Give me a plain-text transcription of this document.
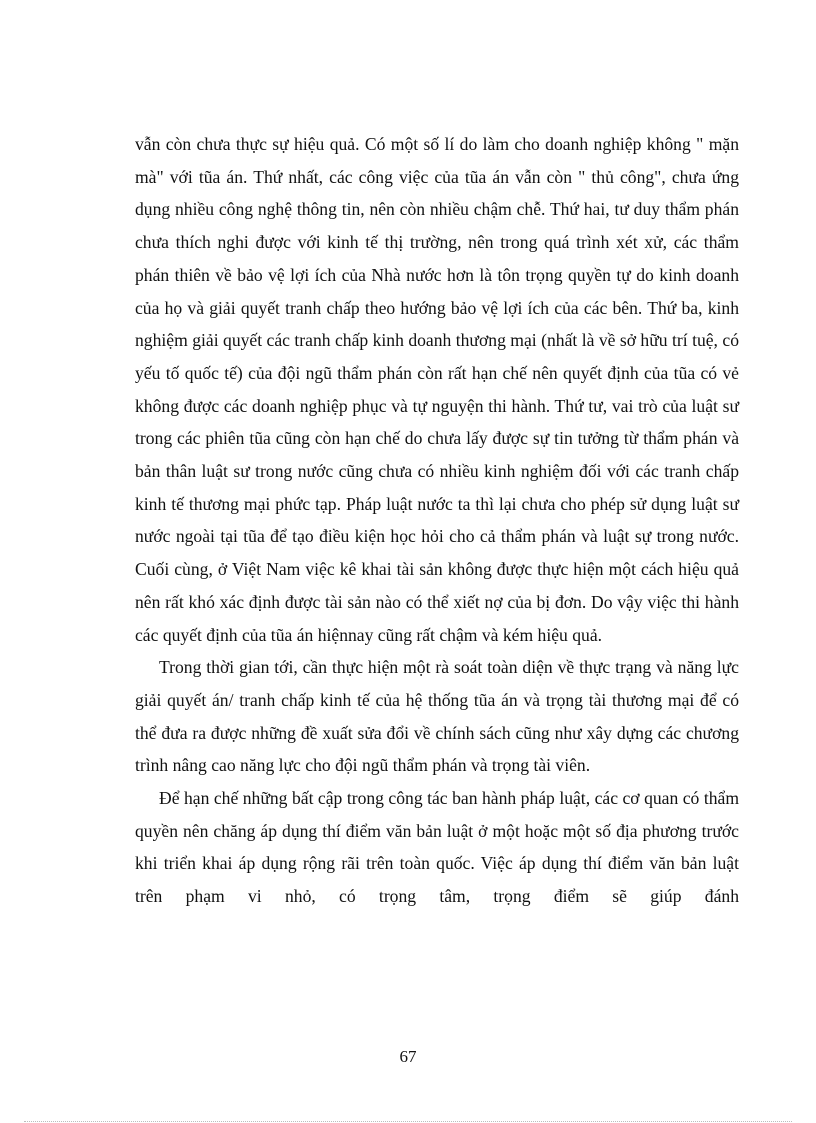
vẫn còn chưa thực sự hiệu quả. Có một số lí do làm cho doanh nghiệp không " mặn mà" với tũa án. Thứ nhất, các công việc của tũa án vẫn còn " thủ công", chưa ứng dụng nhiều công nghệ thông tin, nên còn nhiều chậm chễ. Thứ hai, tư duy thẩm phán chưa thích nghi được với kinh tế thị trường, nên trong quá trình xét xử, các thẩm phán thiên về bảo vệ lợi ích của Nhà nước hơn là tôn trọng quyền tự do kinh doanh của họ và giải quyết tranh chấp theo hướng bảo vệ lợi ích của các bên. Thứ ba, kinh nghiệm giải quyết các tranh chấp kinh doanh thương mại (nhất là về sở hữu trí tuệ, có yếu tố quốc tế) của đội ngũ thẩm phán còn rất hạn chế nên quyết định của tũa có vẻ không được các doanh nghiệp phục và tự nguyện thi hành. Thứ tư, vai trò của luật sư trong các phiên tũa cũng còn hạn chế do chưa lấy được sự tin tưởng từ thẩm phán và bản thân luật sư trong nước cũng chưa có nhiều kinh nghiệm đối với các tranh chấp kinh tế thương mại phức tạp. Pháp luật nước ta thì lại chưa cho phép sử dụng luật sư nước ngoài tại tũa để tạo điều kiện học hỏi cho cả thẩm phán và luật sự trong nước. Cuối cùng, ở Việt Nam việc kê khai tài sản không được thực hiện một cách hiệu quả nên rất khó xác định được tài sản nào có thể xiết nợ của bị đơn. Do vậy việc thi hành các quyết định của tũa án hiệnnay cũng rất chậm và kém hiệu quả.

Trong thời gian tới, cần thực hiện một rà soát toàn diện về thực trạng và năng lực giải quyết án/ tranh chấp kinh tế của hệ thống tũa án và trọng tài thương mại để có thể đưa ra được những đề xuất sửa đổi về chính sách cũng như xây dựng các chương trình nâng cao năng lực cho đội ngũ thẩm phán và trọng tài viên.

Để hạn chế những bất cập trong công tác ban hành pháp luật, các cơ quan có thẩm quyền nên chăng áp dụng thí điểm văn bản luật ở một hoặc một số địa phương trước khi triển khai áp dụng rộng rãi trên toàn quốc. Việc áp dụng thí điểm văn bản luật trên phạm vi nhỏ, có trọng tâm, trọng điểm sẽ giúp đánh

67
